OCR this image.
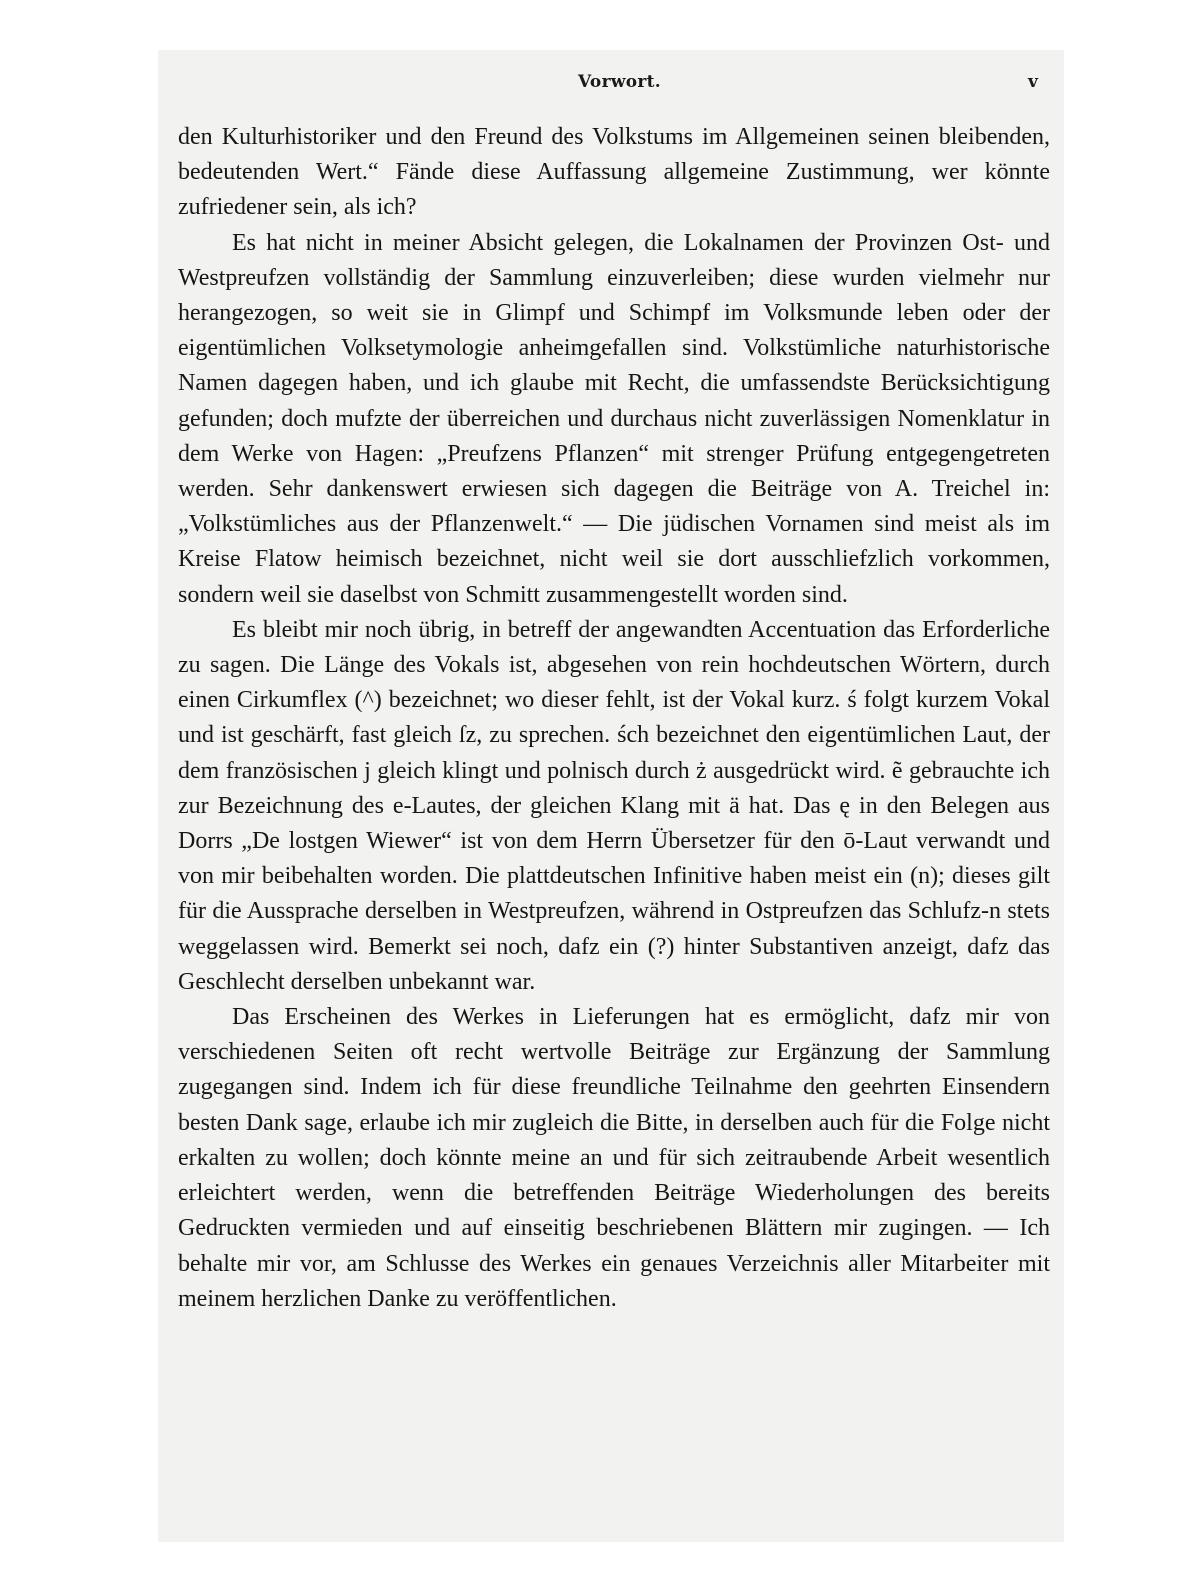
Vorwort.	v

den Kulturhistoriker und den Freund des Volkstums im Allgemeinen seinen bleibenden, bedeutenden Wert.“ Fände diese Auffassung allgemeine Zustimmung, wer könnte zufriedener sein, als ich?

Es hat nicht in meiner Absicht gelegen, die Lokalnamen der Provinzen Ost- und Westpreufzen vollständig der Sammlung einzuverleiben; diese wurden vielmehr nur herangezogen, so weit sie in Glimpf und Schimpf im Volksmunde leben oder der eigentümlichen Volksetymologie anheimgefallen sind. Volkstümliche naturhistorische Namen dagegen haben, und ich glaube mit Recht, die umfassendste Berücksichtigung gefunden; doch mufzte der überreichen und durchaus nicht zuverlässigen Nomenklatur in dem Werke von Hagen: „Preufzens Pflanzen“ mit strenger Prüfung entgegengetreten werden. Sehr dankenswert erwiesen sich dagegen die Beiträge von A. Treichel in: „Volkstümliches aus der Pflanzenwelt.“ — Die jüdischen Vornamen sind meist als im Kreise Flatow heimisch bezeichnet, nicht weil sie dort ausschliefzlich vorkommen, sondern weil sie daselbst von Schmitt zusammengestellt worden sind.

Es bleibt mir noch übrig, in betreff der angewandten Accentuation das Erforderliche zu sagen. Die Länge des Vokals ist, abgesehen von rein hochdeutschen Wörtern, durch einen Cirkumflex (^) bezeichnet; wo dieser fehlt, ist der Vokal kurz. ś folgt kurzem Vokal und ist geschärft, fast gleich ſz, zu sprechen. śch bezeichnet den eigentümlichen Laut, der dem französischen j gleich klingt und polnisch durch ż ausgedrückt wird. ẽ gebrauchte ich zur Bezeichnung des e-Lautes, der gleichen Klang mit ä hat. Das ę in den Belegen aus Dorrs „De lostgen Wiewer“ ist von dem Herrn Übersetzer für den ō-Laut verwandt und von mir beibehalten worden. Die plattdeutschen Infinitive haben meist ein (n); dieses gilt für die Aussprache derselben in Westpreufzen, während in Ostpreufzen das Schlufz-n stets weggelassen wird. Bemerkt sei noch, dafz ein (?) hinter Substantiven anzeigt, dafz das Geschlecht derselben unbekannt war.

Das Erscheinen des Werkes in Lieferungen hat es ermöglicht, dafz mir von verschiedenen Seiten oft recht wertvolle Beiträge zur Ergänzung der Sammlung zugegangen sind. Indem ich für diese freundliche Teilnahme den geehrten Einsendern besten Dank sage, erlaube ich mir zugleich die Bitte, in derselben auch für die Folge nicht erkalten zu wollen; doch könnte meine an und für sich zeitraubende Arbeit wesentlich erleichtert werden, wenn die betreffenden Beiträge Wiederholungen des bereits Gedruckten vermieden und auf einseitig beschriebenen Blättern mir zugingen. — Ich behalte mir vor, am Schlusse des Werkes ein genaues Verzeichnis aller Mitarbeiter mit meinem herzlichen Danke zu veröffentlichen.
